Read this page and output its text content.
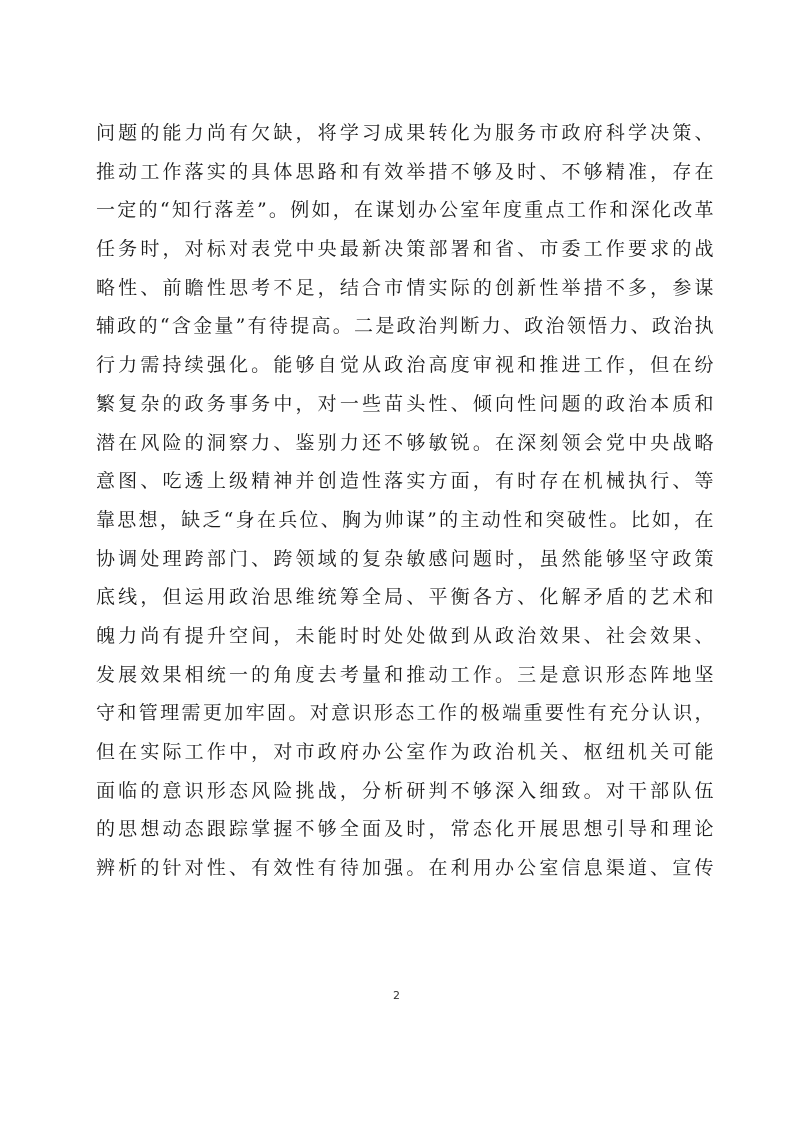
问题的能力尚有欠缺，将学习成果转化为服务市政府科学决策、
推动工作落实的具体思路和有效举措不够及时、不够精准，存在
一定的“知行落差”。例如，在谋划办公室年度重点工作和深化改革
任务时，对标对表党中央最新决策部署和省、市委工作要求的战
略性、前瞻性思考不足，结合市情实际的创新性举措不多，参谋
辅政的“含金量”有待提高。二是政治判断力、政治领悟力、政治执
行力需持续强化。能够自觉从政治高度审视和推进工作，但在纷
繁复杂的政务事务中，对一些苗头性、倾向性问题的政治本质和
潜在风险的洞察力、鉴别力还不够敏锐。在深刻领会党中央战略
意图、吃透上级精神并创造性落实方面，有时存在机械执行、等
靠思想，缺乏“身在兵位、胸为帅谋”的主动性和突破性。比如，在
协调处理跨部门、跨领域的复杂敏感问题时，虽然能够坚守政策
底线，但运用政治思维统筹全局、平衡各方、化解矛盾的艺术和
魄力尚有提升空间，未能时时处处做到从政治效果、社会效果、
发展效果相统一的角度去考量和推动工作。三是意识形态阵地坚
守和管理需更加牢固。对意识形态工作的极端重要性有充分认识，
但在实际工作中，对市政府办公室作为政治机关、枢纽机关可能
面临的意识形态风险挑战，分析研判不够深入细致。对干部队伍
的思想动态跟踪掌握不够全面及时，常态化开展思想引导和理论
辨析的针对性、有效性有待加强。在利用办公室信息渠道、宣传
2
